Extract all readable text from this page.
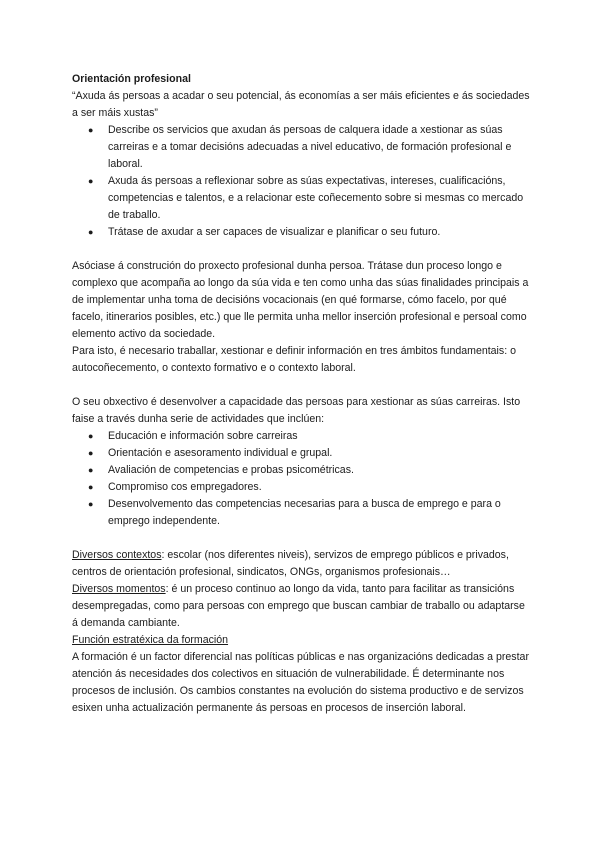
Orientación profesional
“Axuda ás persoas a acadar o seu potencial, ás economías a ser máis eficientes e ás sociedades a ser máis xustas”
● Describe os servicios que axudan ás persoas de calquera idade a xestionar as súas carreiras e a tomar decisións adecuadas a nivel educativo, de formación profesional e laboral.
● Axuda ás persoas a reflexionar sobre as súas expectativas, intereses, cualificacións, competencias e talentos, e a relacionar este coñecemento sobre si mesmas co mercado de traballo.
● Trátase de axudar a ser capaces de visualizar e planificar o seu futuro.
Asóciase á construción do proxecto profesional dunha persoa. Trátase dun proceso longo e complexo que acompaña ao longo da súa vida e ten como unha das súas finalidades principais a de implementar unha toma de decisións vocacionais (en qué formarse, cómo facelo, por qué facelo, itinerarios posibles, etc.) que lle permita unha mellor inserción profesional e persoal como elemento activo da sociedade.
Para isto, é necesario traballar, xestionar e definir información en tres ámbitos fundamentais: o autocoñecemento, o contexto formativo e o contexto laboral.
O seu obxectivo é desenvolver a capacidade das persoas para xestionar as súas carreiras. Isto faise a través dunha serie de actividades que inclúen:
● Educación e información sobre carreiras
● Orientación e asesoramento individual e grupal.
● Avaliación de competencias e probas psicométricas.
● Compromiso cos empregadores.
● Desenvolvemento das competencias necesarias para a busca de emprego e para o emprego independente.
Diversos contextos: escolar (nos diferentes niveis), servizos de emprego públicos e privados, centros de orientación profesional, sindicatos, ONGs, organismos profesionais…
Diversos momentos: é un proceso continuo ao longo da vida, tanto para facilitar as transicións desempregadas, como para persoas con emprego que buscan cambiar de traballo ou adaptarse á demanda cambiante.
Función estratéxica da formación
A formación é un factor diferencial nas políticas públicas e nas organizacións dedicadas a prestar atención ás necesidades dos colectivos en situación de vulnerabilidade. É determinante nos procesos de inclusión. Os cambios constantes na evolución do sistema productivo e de servizos esixen unha actualización permanente ás persoas en procesos de inserción laboral.
